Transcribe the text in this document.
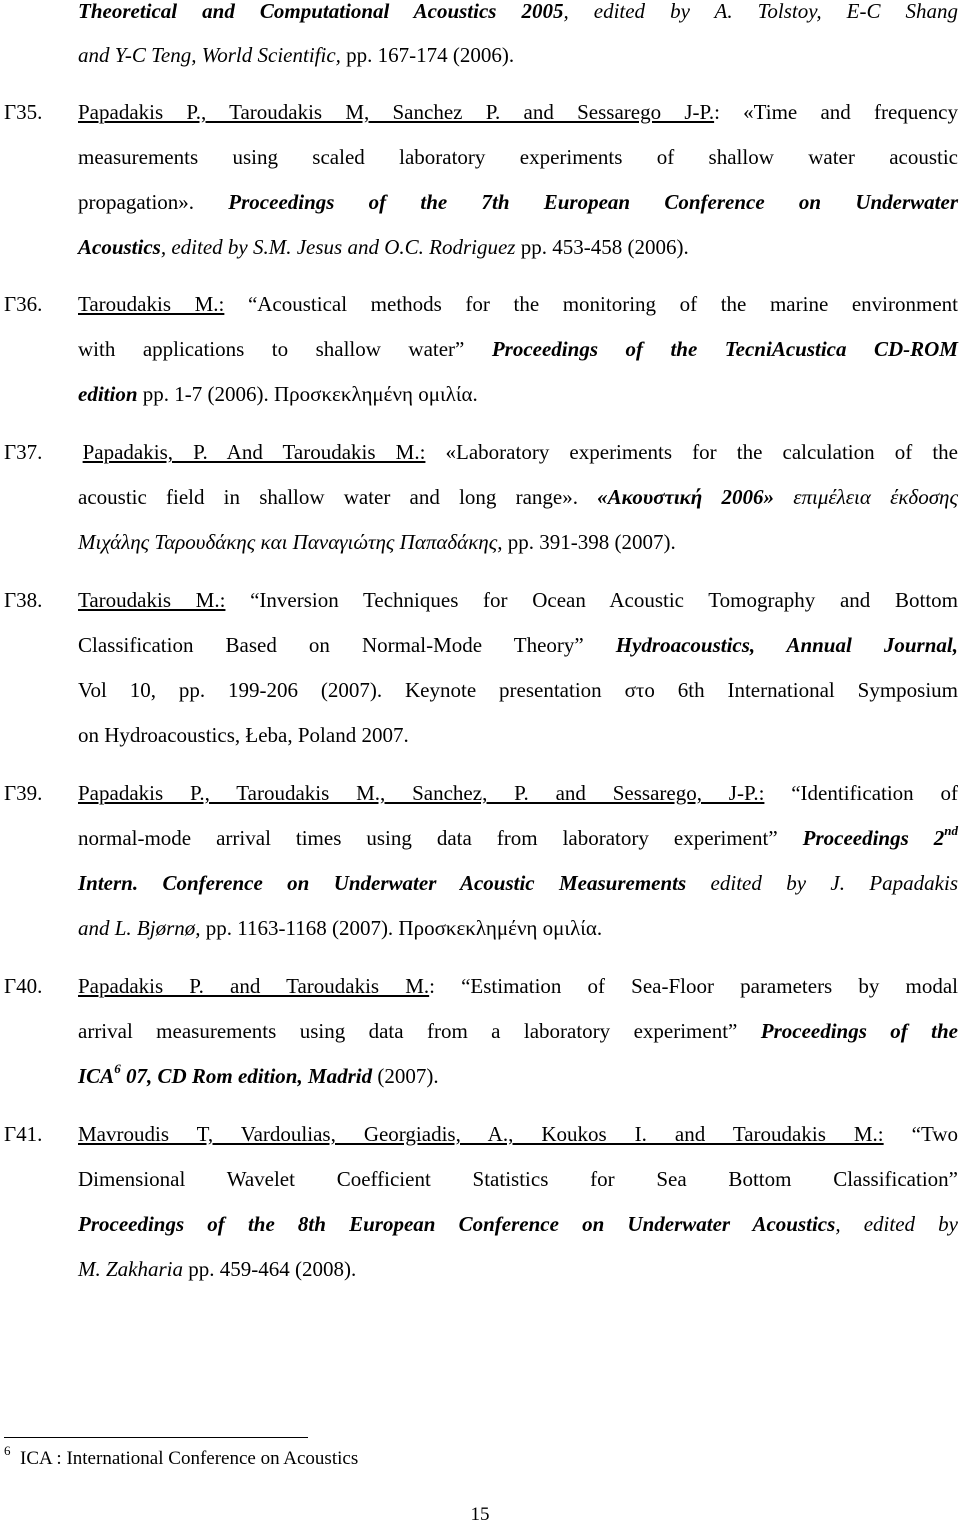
Theoretical and Computational Acoustics 2005, edited by A. Tolstoy, E-C Shang
and Y-C Teng, World Scientific, pp. 167-174 (2006).
Γ35. Papadakis P., Taroudakis M, Sanchez P. and Sessarego J-P.: «Time and frequency
measurements using scaled laboratory experiments of shallow water acoustic
propagation». Proceedings of the 7th European Conference on Underwater
Acoustics, edited by S.M. Jesus and O.C. Rodriguez pp. 453-458 (2006).
Γ36. Taroudakis M.: “Acoustical methods for the monitoring of the marine environment
with applications to shallow water” Proceedings of the TecniAcustica CD-ROM
edition pp. 1-7 (2006). Προσκεκλημένη ομιλία.
Γ37. Papadakis, P. And Taroudakis M.: «Laboratory experiments for the calculation of the
acoustic field in shallow water and long range». «Ακουστική 2006» επιμέλεια έκδοσης
Μιχάλης Ταρουδάκης και Παναγιώτης Παπαδάκης, pp. 391-398 (2007).
Γ38. Taroudakis M.: “Inversion Techniques for Ocean Acoustic Tomography and Bottom
Classification Based on Normal-Mode Theory” Hydroacoustics, Annual Journal,
Vol 10, pp. 199-206 (2007). Keynote presentation στο 6th International Symposium
on Hydroacoustics, Łeba, Poland 2007.
Γ39. Papadakis P., Taroudakis M., Sanchez, P. and Sessarego, J-P.: “Identification of
normal-mode arrival times using data from laboratory experiment” Proceedings 2nd
Intern. Conference on Underwater Acoustic Measurements edited by J. Papadakis
and L. Bjørnø, pp. 1163-1168 (2007). Προσκεκλημένη ομιλία.
Γ40. Papadakis P. and Taroudakis M.: “Estimation of Sea-Floor parameters by modal
arrival measurements using data from a laboratory experiment” Proceedings of the
ICA$^6$ 07, CD Rom edition, Madrid (2007).
Γ41. Mavroudis T, Vardoulias, Georgiadis, A., Koukos I. and Taroudakis M.: “Two
Dimensional Wavelet Coefficient Statistics for Sea Bottom Classification”
Proceedings of the 8th European Conference on Underwater Acoustics, edited by
M. Zakharia pp. 459-464 (2008).
$^6$ ICA : International Conference on Acoustics
15
